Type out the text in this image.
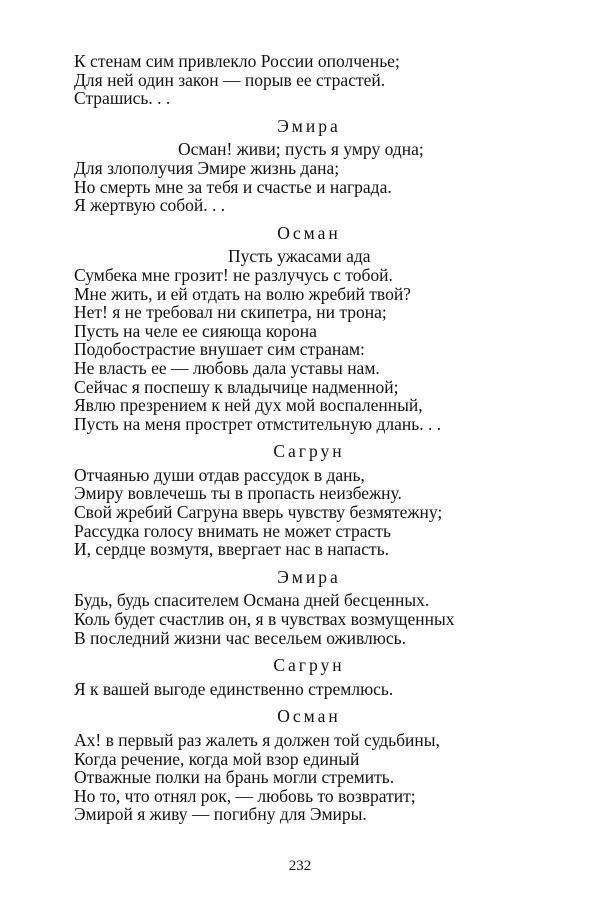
К стенам сим привлекло России ополченье;
Для ней один закон — порыв ее страстей.
Страшись. . .
Эмира
Осман! живи; пусть я умру одна;
Для злополучия Эмире жизнь дана;
Но смерть мне за тебя и счастье и награда.
Я жертвую собой. . .
Осман
Пусть ужасами ада
Сумбека мне грозит! не разлучусь с тобой.
Мне жить, и ей отдать на волю жребий твой?
Нет! я не требовал ни скипетра, ни трона;
Пусть на челе ее сияюща корона
Подобострастие внушает сим странам:
Не власть ее — любовь дала уставы нам.
Сейчас я поспешу к владычице надменной;
Явлю презрением к ней дух мой воспаленный,
Пусть на меня прострет отмстительную длань. . .
Сагрун
Отчаянью души отдав рассудок в дань,
Эмиру вовлечешь ты в пропасть неизбежну.
Свой жребий Сагруна вверь чувству безмятежну;
Рассудка голосу внимать не может страсть
И, сердце возмутя, ввергает нас в напасть.
Эмира
Будь, будь спасителем Османа дней бесценных.
Коль будет счастлив он, я в чувствах возмущенных
В последний жизни час весельем оживлюсь.
Сагрун
Я к вашей выгоде единственно стремлюсь.
Осман
Ах! в первый раз жалеть я должен той судьбины,
Когда речение, когда мой взор единый
Отважные полки на брань могли стремить.
Но то, что отнял рок, — любовь то возвратит;
Эмирой я живу — погибну для Эмиры.
232
